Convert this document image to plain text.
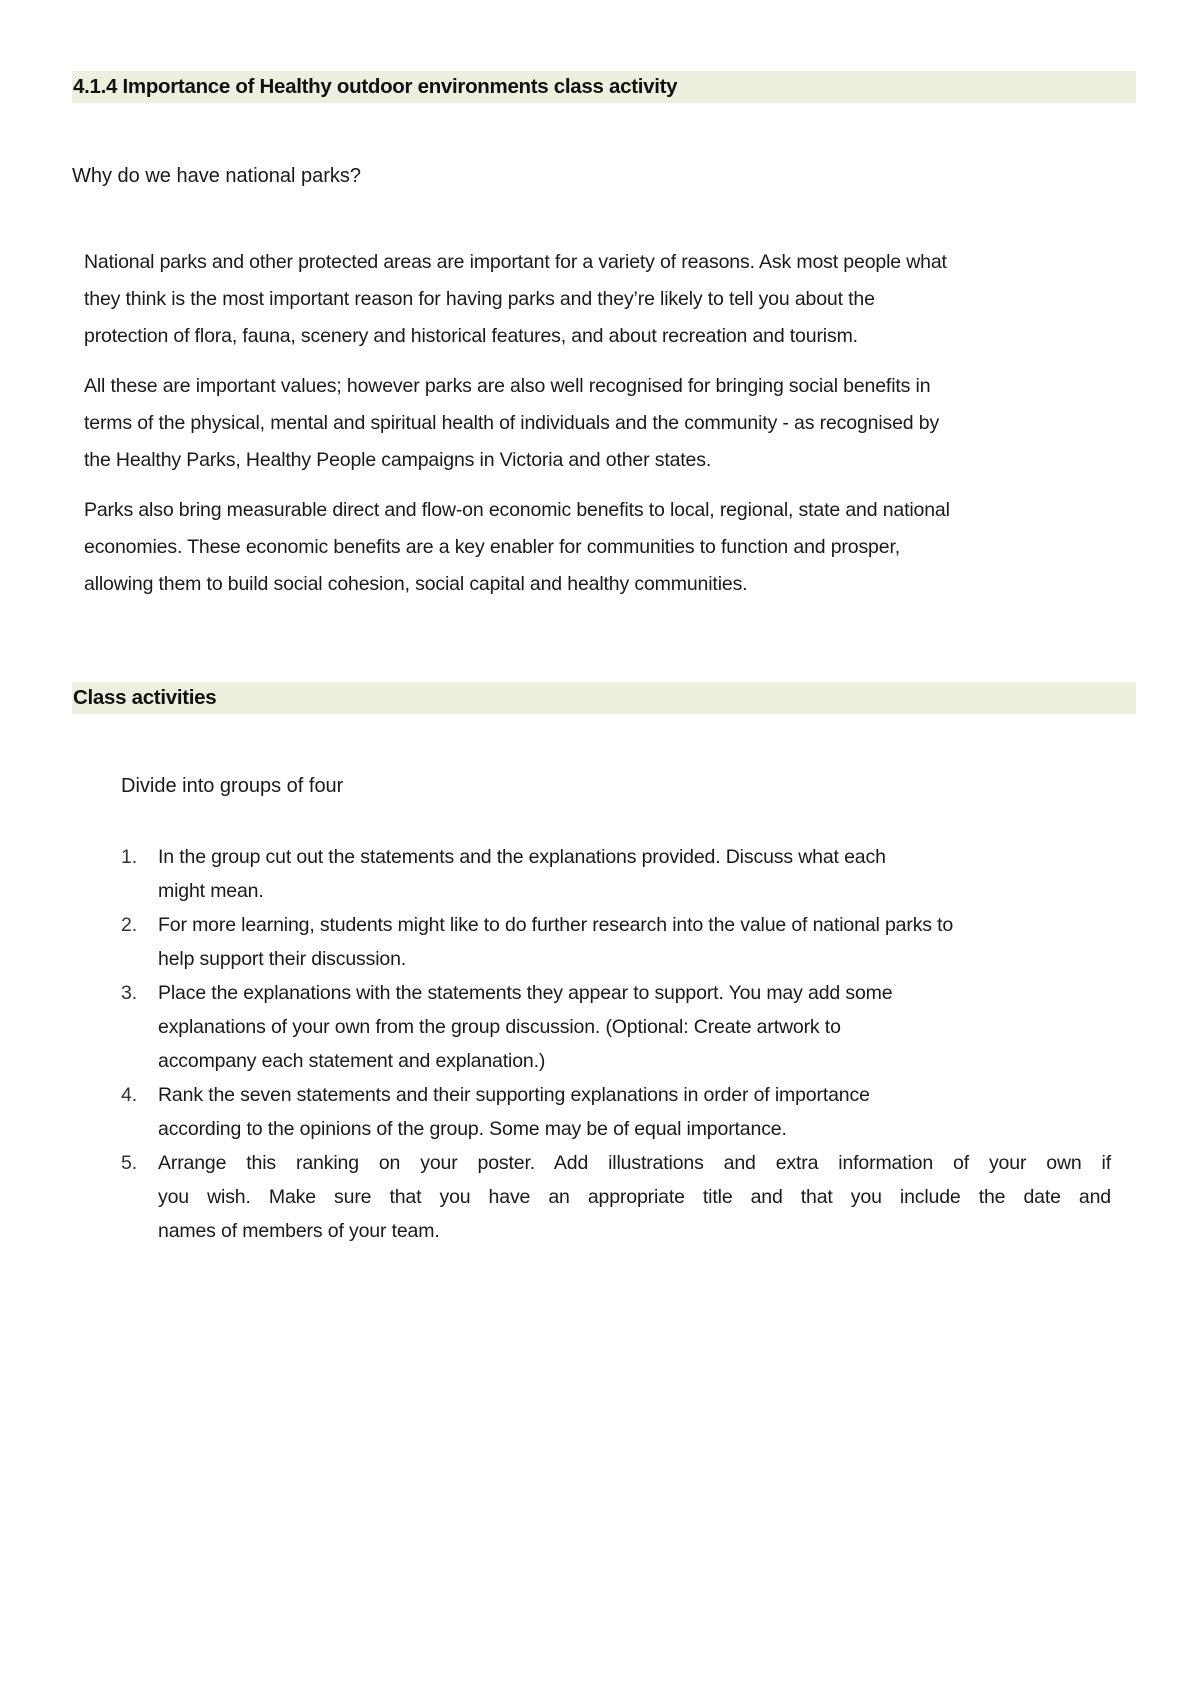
4.1.4 Importance of Healthy outdoor environments class activity
Why do we have national parks?

National parks and other protected areas are important for a variety of reasons. Ask most people what
they think is the most important reason for having parks and they’re likely to tell you about the
protection of flora, fauna, scenery and historical features, and about recreation and tourism.

All these are important values; however parks are also well recognised for bringing social benefits in
terms of the physical, mental and spiritual health of individuals and the community - as recognised by
the Healthy Parks, Healthy People campaigns in Victoria and other states.

Parks also bring measurable direct and flow-on economic benefits to local, regional, state and national
economies. These economic benefits are a key enabler for communities to function and prosper,
allowing them to build social cohesion, social capital and healthy communities.

Class activities
Divide into groups of four
1. In the group cut out the statements and the explanations provided. Discuss what each
might mean.
2. For more learning, students might like to do further research into the value of national parks to
help support their discussion.
3. Place the explanations with the statements they appear to support. You may add some
explanations of your own from the group discussion. (Optional: Create artwork to
accompany each statement and explanation.)
4. Rank the seven statements and their supporting explanations in order of importance
according to the opinions of the group. Some may be of equal importance.
5. Arrange this ranking on your poster. Add illustrations and extra information of your own if
you wish. Make sure that you have an appropriate title and that you include the date and
names of members of your team.
